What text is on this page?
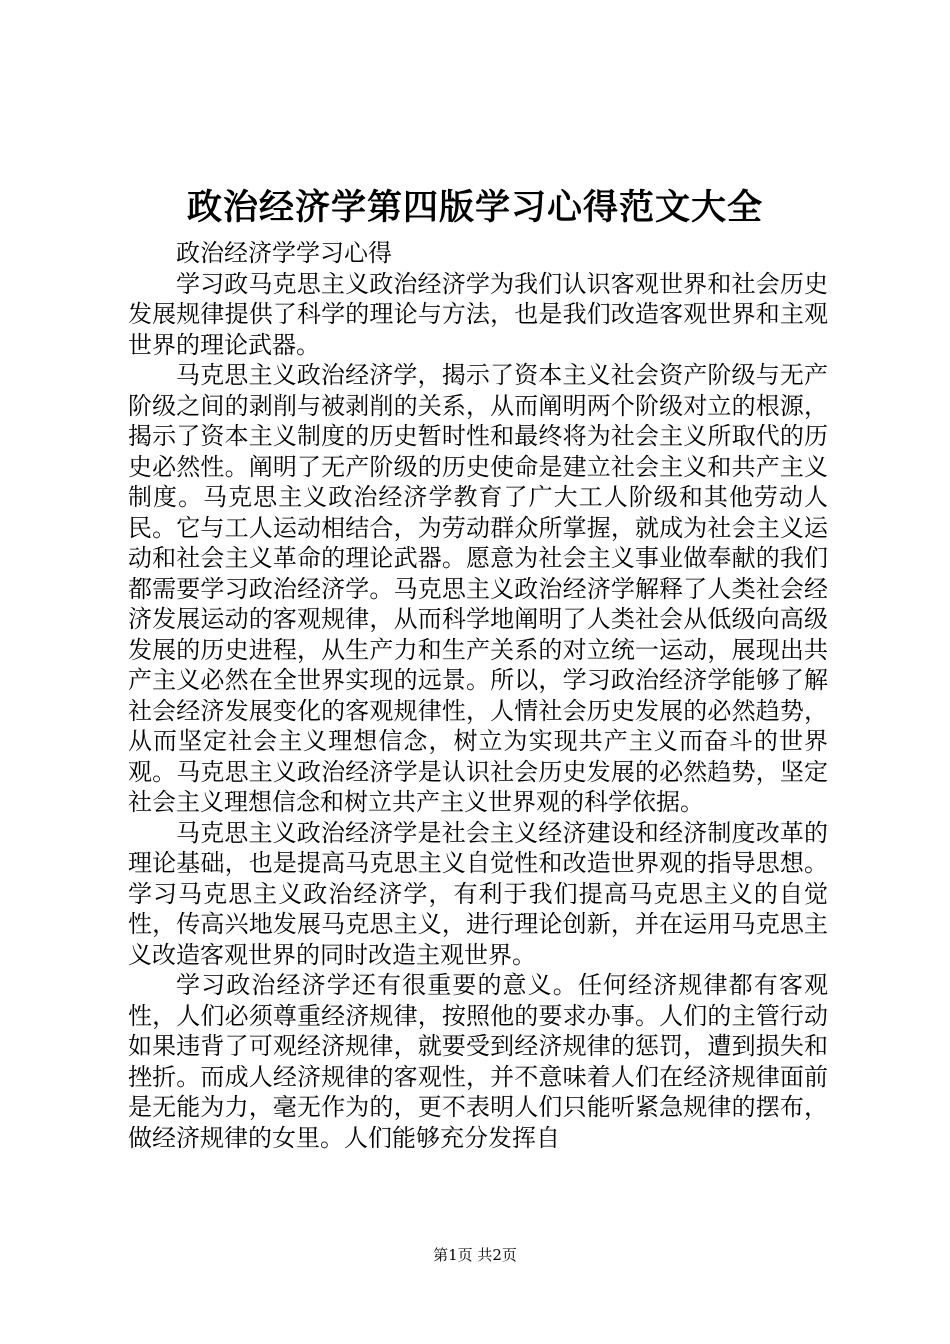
政治经济学第四版学习心得范文大全

政治经济学学习心得

学习政马克思主义政治经济学为我们认识客观世界和社会历史发展规律提供了科学的理论与方法，也是我们改造客观世界和主观世界的理论武器。

马克思主义政治经济学，揭示了资本主义社会资产阶级与无产阶级之间的剥削与被剥削的关系，从而阐明两个阶级对立的根源，揭示了资本主义制度的历史暂时性和最终将为社会主义所取代的历史必然性。阐明了无产阶级的历史使命是建立社会主义和共产主义制度。马克思主义政治经济学教育了广大工人阶级和其他劳动人民。它与工人运动相结合，为劳动群众所掌握，就成为社会主义运动和社会主义革命的理论武器。愿意为社会主义事业做奉献的我们都需要学习政治经济学。马克思主义政治经济学解释了人类社会经济发展运动的客观规律，从而科学地阐明了人类社会从低级向高级发展的历史进程，从生产力和生产关系的对立统一运动，展现出共产主义必然在全世界实现的远景。所以，学习政治经济学能够了解社会经济发展变化的客观规律性，人情社会历史发展的必然趋势，从而坚定社会主义理想信念，树立为实现共产主义而奋斗的世界观。马克思主义政治经济学是认识社会历史发展的必然趋势，坚定社会主义理想信念和树立共产主义世界观的科学依据。

马克思主义政治经济学是社会主义经济建设和经济制度改革的理论基础，也是提高马克思主义自觉性和改造世界观的指导思想。学习马克思主义政治经济学，有利于我们提高马克思主义的自觉性，传高兴地发展马克思主义，进行理论创新，并在运用马克思主义改造客观世界的同时改造主观世界。

学习政治经济学还有很重要的意义。任何经济规律都有客观性，人们必须尊重经济规律，按照他的要求办事。人们的主管行动如果违背了可观经济规律，就要受到经济规律的惩罚，遭到损失和挫折。而成人经济规律的客观性，并不意味着人们在经济规律面前是无能为力，毫无作为的，更不表明人们只能听紧急规律的摆布，做经济规律的女里。人们能够充分发挥自

第1页 共2页
